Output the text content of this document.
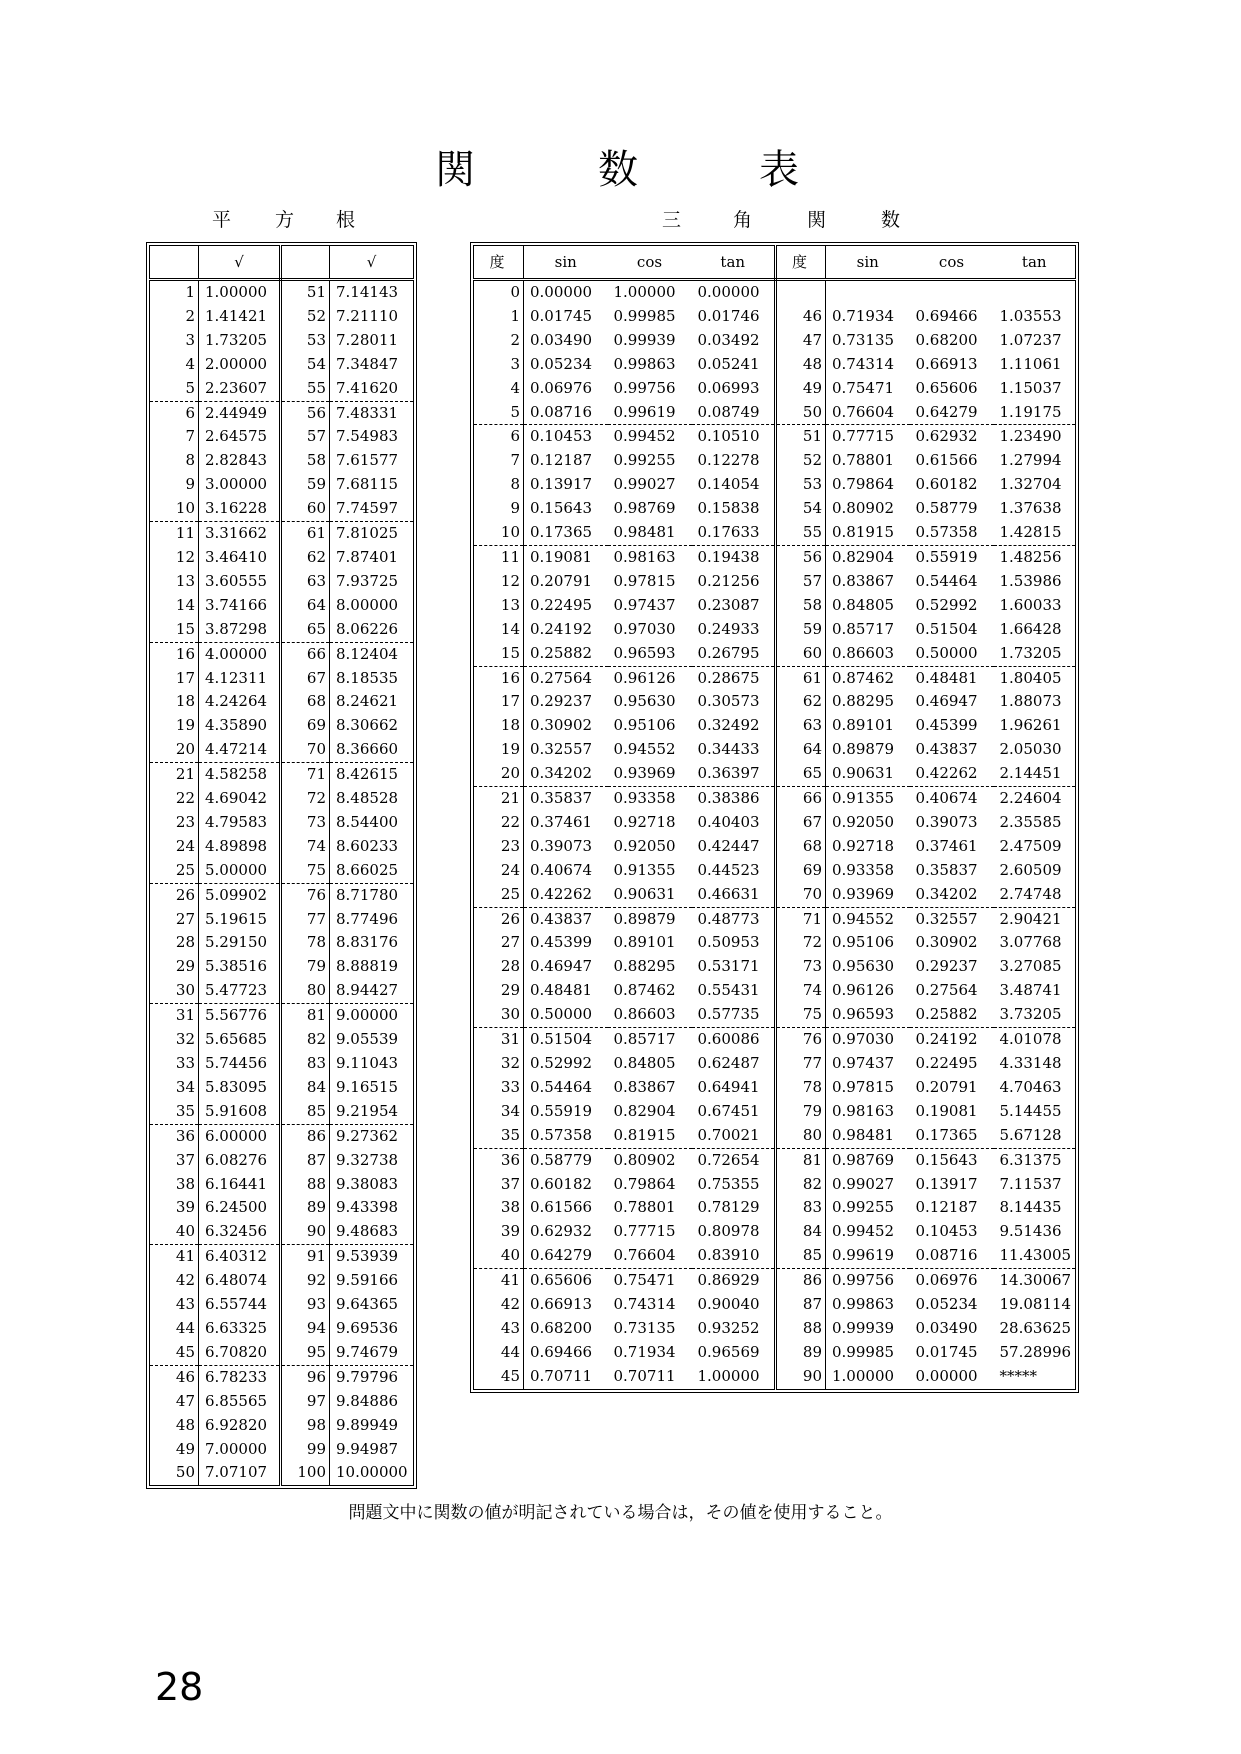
関	数	表
平 方 根	三	角	関	数
	√		√
1	1.00000	51	7.14143
2	1.41421	52	7.21110
3	1.73205	53	7.28011
4	2.00000	54	7.34847
5	2.23607	55	7.41620
6	2.44949	56	7.48331
7	2.64575	57	7.54983
8	2.82843	58	7.61577
9	3.00000	59	7.68115
10	3.16228	60	7.74597
11	3.31662	61	7.81025
12	3.46410	62	7.87401
13	3.60555	63	7.93725
14	3.74166	64	8.00000
15	3.87298	65	8.06226
16	4.00000	66	8.12404
17	4.12311	67	8.18535
18	4.24264	68	8.24621
19	4.35890	69	8.30662
20	4.47214	70	8.36660
21	4.58258	71	8.42615
22	4.69042	72	8.48528
23	4.79583	73	8.54400
24	4.89898	74	8.60233
25	5.00000	75	8.66025
26	5.09902	76	8.71780
27	5.19615	77	8.77496
28	5.29150	78	8.83176
29	5.38516	79	8.88819
30	5.47723	80	8.94427
31	5.56776	81	9.00000
32	5.65685	82	9.05539
33	5.74456	83	9.11043
34	5.83095	84	9.16515
35	5.91608	85	9.21954
36	6.00000	86	9.27362
37	6.08276	87	9.32738
38	6.16441	88	9.38083
39	6.24500	89	9.43398
40	6.32456	90	9.48683
41	6.40312	91	9.53939
42	6.48074	92	9.59166
43	6.55744	93	9.64365
44	6.63325	94	9.69536
45	6.70820	95	9.74679
46	6.78233	96	9.79796
47	6.85565	97	9.84886
48	6.92820	98	9.89949
49	7.00000	99	9.94987
50	7.07107	100	10.00000
度	sin	cos	tan	度	sin	cos	tan
0	0.00000	1.00000	0.00000				
1	0.01745	0.99985	0.01746	46	0.71934	0.69466	1.03553
2	0.03490	0.99939	0.03492	47	0.73135	0.68200	1.07237
3	0.05234	0.99863	0.05241	48	0.74314	0.66913	1.11061
4	0.06976	0.99756	0.06993	49	0.75471	0.65606	1.15037
5	0.08716	0.99619	0.08749	50	0.76604	0.64279	1.19175
6	0.10453	0.99452	0.10510	51	0.77715	0.62932	1.23490
7	0.12187	0.99255	0.12278	52	0.78801	0.61566	1.27994
8	0.13917	0.99027	0.14054	53	0.79864	0.60182	1.32704
9	0.15643	0.98769	0.15838	54	0.80902	0.58779	1.37638
10	0.17365	0.98481	0.17633	55	0.81915	0.57358	1.42815
11	0.19081	0.98163	0.19438	56	0.82904	0.55919	1.48256
12	0.20791	0.97815	0.21256	57	0.83867	0.54464	1.53986
13	0.22495	0.97437	0.23087	58	0.84805	0.52992	1.60033
14	0.24192	0.97030	0.24933	59	0.85717	0.51504	1.66428
15	0.25882	0.96593	0.26795	60	0.86603	0.50000	1.73205
16	0.27564	0.96126	0.28675	61	0.87462	0.48481	1.80405
17	0.29237	0.95630	0.30573	62	0.88295	0.46947	1.88073
18	0.30902	0.95106	0.32492	63	0.89101	0.45399	1.96261
19	0.32557	0.94552	0.34433	64	0.89879	0.43837	2.05030
20	0.34202	0.93969	0.36397	65	0.90631	0.42262	2.14451
21	0.35837	0.93358	0.38386	66	0.91355	0.40674	2.24604
22	0.37461	0.92718	0.40403	67	0.92050	0.39073	2.35585
23	0.39073	0.92050	0.42447	68	0.92718	0.37461	2.47509
24	0.40674	0.91355	0.44523	69	0.93358	0.35837	2.60509
25	0.42262	0.90631	0.46631	70	0.93969	0.34202	2.74748
26	0.43837	0.89879	0.48773	71	0.94552	0.32557	2.90421
27	0.45399	0.89101	0.50953	72	0.95106	0.30902	3.07768
28	0.46947	0.88295	0.53171	73	0.95630	0.29237	3.27085
29	0.48481	0.87462	0.55431	74	0.96126	0.27564	3.48741
30	0.50000	0.86603	0.57735	75	0.96593	0.25882	3.73205
31	0.51504	0.85717	0.60086	76	0.97030	0.24192	4.01078
32	0.52992	0.84805	0.62487	77	0.97437	0.22495	4.33148
33	0.54464	0.83867	0.64941	78	0.97815	0.20791	4.70463
34	0.55919	0.82904	0.67451	79	0.98163	0.19081	5.14455
35	0.57358	0.81915	0.70021	80	0.98481	0.17365	5.67128
36	0.58779	0.80902	0.72654	81	0.98769	0.15643	6.31375
37	0.60182	0.79864	0.75355	82	0.99027	0.13917	7.11537
38	0.61566	0.78801	0.78129	83	0.99255	0.12187	8.14435
39	0.62932	0.77715	0.80978	84	0.99452	0.10453	9.51436
40	0.64279	0.76604	0.83910	85	0.99619	0.08716	11.43005
41	0.65606	0.75471	0.86929	86	0.99756	0.06976	14.30067
42	0.66913	0.74314	0.90040	87	0.99863	0.05234	19.08114
43	0.68200	0.73135	0.93252	88	0.99939	0.03490	28.63625
44	0.69466	0.71934	0.96569	89	0.99985	0.01745	57.28996
45	0.70711	0.70711	1.00000	90	1.00000	0.00000	*****
問題文中に関数の値が明記されている場合は，その値を使用すること。
28
